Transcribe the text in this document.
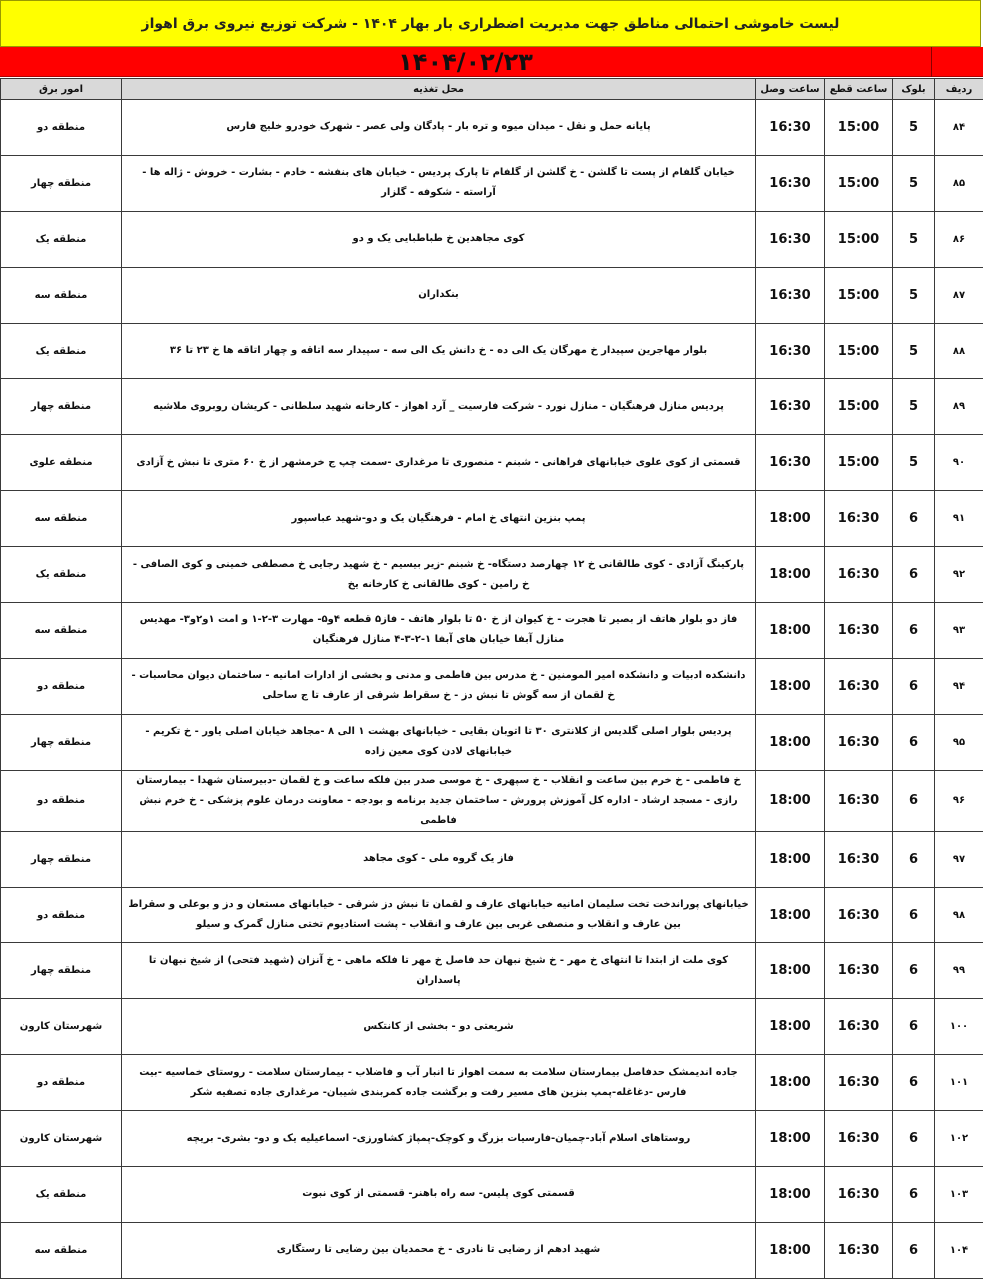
لیست خاموشی احتمالی مناطق جهت مدیریت اضطراری بار بهار ۱۴۰۴ - شرکت توزیع نیروی برق اهواز
۱۴۰۴/۰۲/۲۳
ردیف	بلوک	ساعت قطع	ساعت وصل	محل تغذیه	امور برق
۸۴	5	15:00	16:30	پایانه حمل و نقل - میدان میوه و تره بار - پادگان ولی عصر - شهرک خودرو خلیج فارس	منطقه دو
۸۵	5	15:00	16:30	خیابان گلفام از پست تا گلشن - خ گلشن از گلفام تا پارک پردیس - خیابان های بنفشه - خادم - بشارت - خروش - ژاله ها - آراسته - شکوفه - گلزار	منطقه چهار
۸۶	5	15:00	16:30	کوی مجاهدین خ طباطبایی یک و دو	منطقه یک
۸۷	5	15:00	16:30	بنکداران	منطقه سه
۸۸	5	15:00	16:30	بلوار مهاجرین سپیدار خ مهرگان یک الی ده - خ دانش یک الی سه - سپیدار سه اتاقه و چهار اتاقه ها خ ۲۳ تا ۳۶	منطقه یک
۸۹	5	15:00	16:30	پردیس منازل فرهنگیان - منازل نورد - شرکت فارسیت _ آرد اهواز - کارخانه شهید سلطانی - کریشان روبروی ملاشیه	منطقه چهار
۹۰	5	15:00	16:30	قسمتی از کوی علوی خیابانهای فراهانی - شبنم - منصوری تا مرغداری -سمت چپ ج خرمشهر از خ ۶۰ متری تا نبش خ آزادی	منطقه علوی
۹۱	6	16:30	18:00	پمپ بنزین انتهای خ امام - فرهنگیان یک و دو-شهید عباسپور	منطقه سه
۹۲	6	16:30	18:00	پارکینگ آزادی - کوی طالقانی خ ۱۲ چهارصد دستگاه- خ شبنم -زیر بیسیم - خ شهید رجایی خ مصطفی خمینی و کوی الصافی - خ رامین - کوی طالقانی خ کارخانه یخ	منطقه یک
۹۳	6	16:30	18:00	فاز دو بلوار هاتف از بصیر تا هجرت - خ کیوان از خ ۵۰ تا بلوار هاتف - فاز۵ قطعه ۴و۵- مهارت ۳-۲-۱ و امت ۱و۲و۳- مهدیس منازل آبفا خیابان های آبفا ۱-۲-۳-۴ منازل فرهنگیان	منطقه سه
۹۴	6	16:30	18:00	دانشکده ادبیات و دانشکده امیر المومنین - خ مدرس بین فاطمی و مدنی و بخشی از ادارات امانیه - ساختمان دیوان محاسبات - خ لقمان از سه گوش تا نبش دز - خ سقراط شرقی از عارف تا ج ساحلی	منطقه دو
۹۵	6	16:30	18:00	پردیس بلوار اصلی گلدیس از کلانتری ۳۰ تا اتوبان بقایی - خیابانهای بهشت ۱ الی ۸ -مجاهد خیابان اصلی یاور - خ تکریم - خیابانهای لادن کوی معین زاده	منطقه چهار
۹۶	6	16:30	18:00	خ فاطمی - خ خرم بین ساعت و انقلاب - خ سپهری - خ موسی صدر بین فلکه ساعت و خ لقمان -دبیرستان شهدا - بیمارستان رازی - مسجد ارشاد - اداره کل آموزش پرورش - ساختمان جدید برنامه و بودجه - معاونت درمان علوم پزشکی - خ خرم نبش فاطمی	منطقه دو
۹۷	6	16:30	18:00	فاز یک گروه ملی - کوی مجاهد	منطقه چهار
۹۸	6	16:30	18:00	خیابانهای پوراندخت تخت سلیمان امانیه خیابانهای عارف و لقمان تا نبش دز شرقی - خیابانهای مستعان و دز و بوعلی و سقراط بین عارف و انقلاب و منصفی غربی بین عارف و انقلاب - پشت استادیوم تختی منازل گمرک و سیلو	منطقه دو
۹۹	6	16:30	18:00	کوی ملت از ابتدا تا انتهای خ مهر - خ شیخ نبهان حد فاصل خ مهر تا فلکه ماهی - خ آنزان (شهید فتحی) از شیخ نبهان تا پاسداران	منطقه چهار
۱۰۰	6	16:30	18:00	شریعتی دو - بخشی از کانتکس	شهرستان کارون
۱۰۱	6	16:30	18:00	جاده اندیمشک حدفاصل بیمارستان سلامت به سمت اهواز تا انبار آب و فاضلاب - بیمارستان سلامت - روستای خماسیه -بیت فارس -دغاغله-پمپ بنزین های مسیر رفت و برگشت جاده کمربندی شیبان- مرغداری جاده تصفیه شکر	منطقه دو
۱۰۲	6	16:30	18:00	روستاهای اسلام آباد-چمیان-فارسیات بزرگ و کوچک-پمپاژ کشاورزی- اسماعیلیه یک و دو- بشری- بریچه	شهرستان کارون
۱۰۳	6	16:30	18:00	قسمتی کوی پلیس- سه راه باهنر- قسمتی از کوی نبوت	منطقه یک
۱۰۴	6	16:30	18:00	شهید ادهم از رضایی تا نادری - خ محمدیان بین رضایی تا رستگاری	منطقه سه
